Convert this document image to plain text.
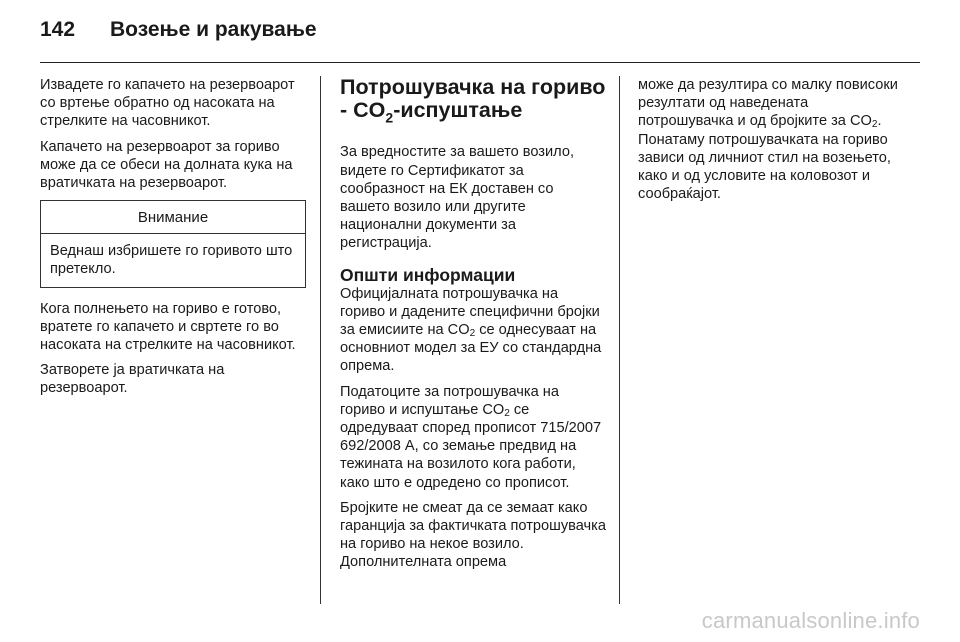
142	Возење и ракување

Извадете го капачето на резервоарот со вртење обратно од насоката на стрелките на часовникот.

Капачето на резервоарот за гориво може да се обеси на долната кука на вратичката на резервоарот.

Внимание
Веднаш избришете го горивото што претекло.

Кога полнењето на гориво е готово, вратете го капачето и свртете го во насоката на стрелките на часовникот.

Затворете ја вратичката на резервоарот.

Потрошувачка на гориво - $CO_2$-испуштање

За вредностите за вашето возило, видете го Сертификатот за сообразност на ЕК доставен со вашето возило или другите национални документи за регистрација.

Општи информации

Официјалната потрошувачка на гориво и дадените специфични бројки за емисиите на $CO_2$ се однесуваат на основниот модел за ЕУ со стандардна опрема.

Податоците за потрошувачка на гориво и испуштање $CO_2$ се одредуваат според прописот 715/2007 692/2008 A, со земање предвид на тежината на возилото кога работи, како што е одредено со прописот.

Бројките не смеат да се земаат како гаранција за фактичката потрошувачка на гориво на некое возило. Дополнителната опрема

може да резултира со малку повисоки резултати од наведената потрошувачка и од бројките за $CO_2$. Понатаму потрошувачката на гориво зависи од личниот стил на возењето, како и од условите на коловозот и сообраќајот.

carmanualsonline.info
